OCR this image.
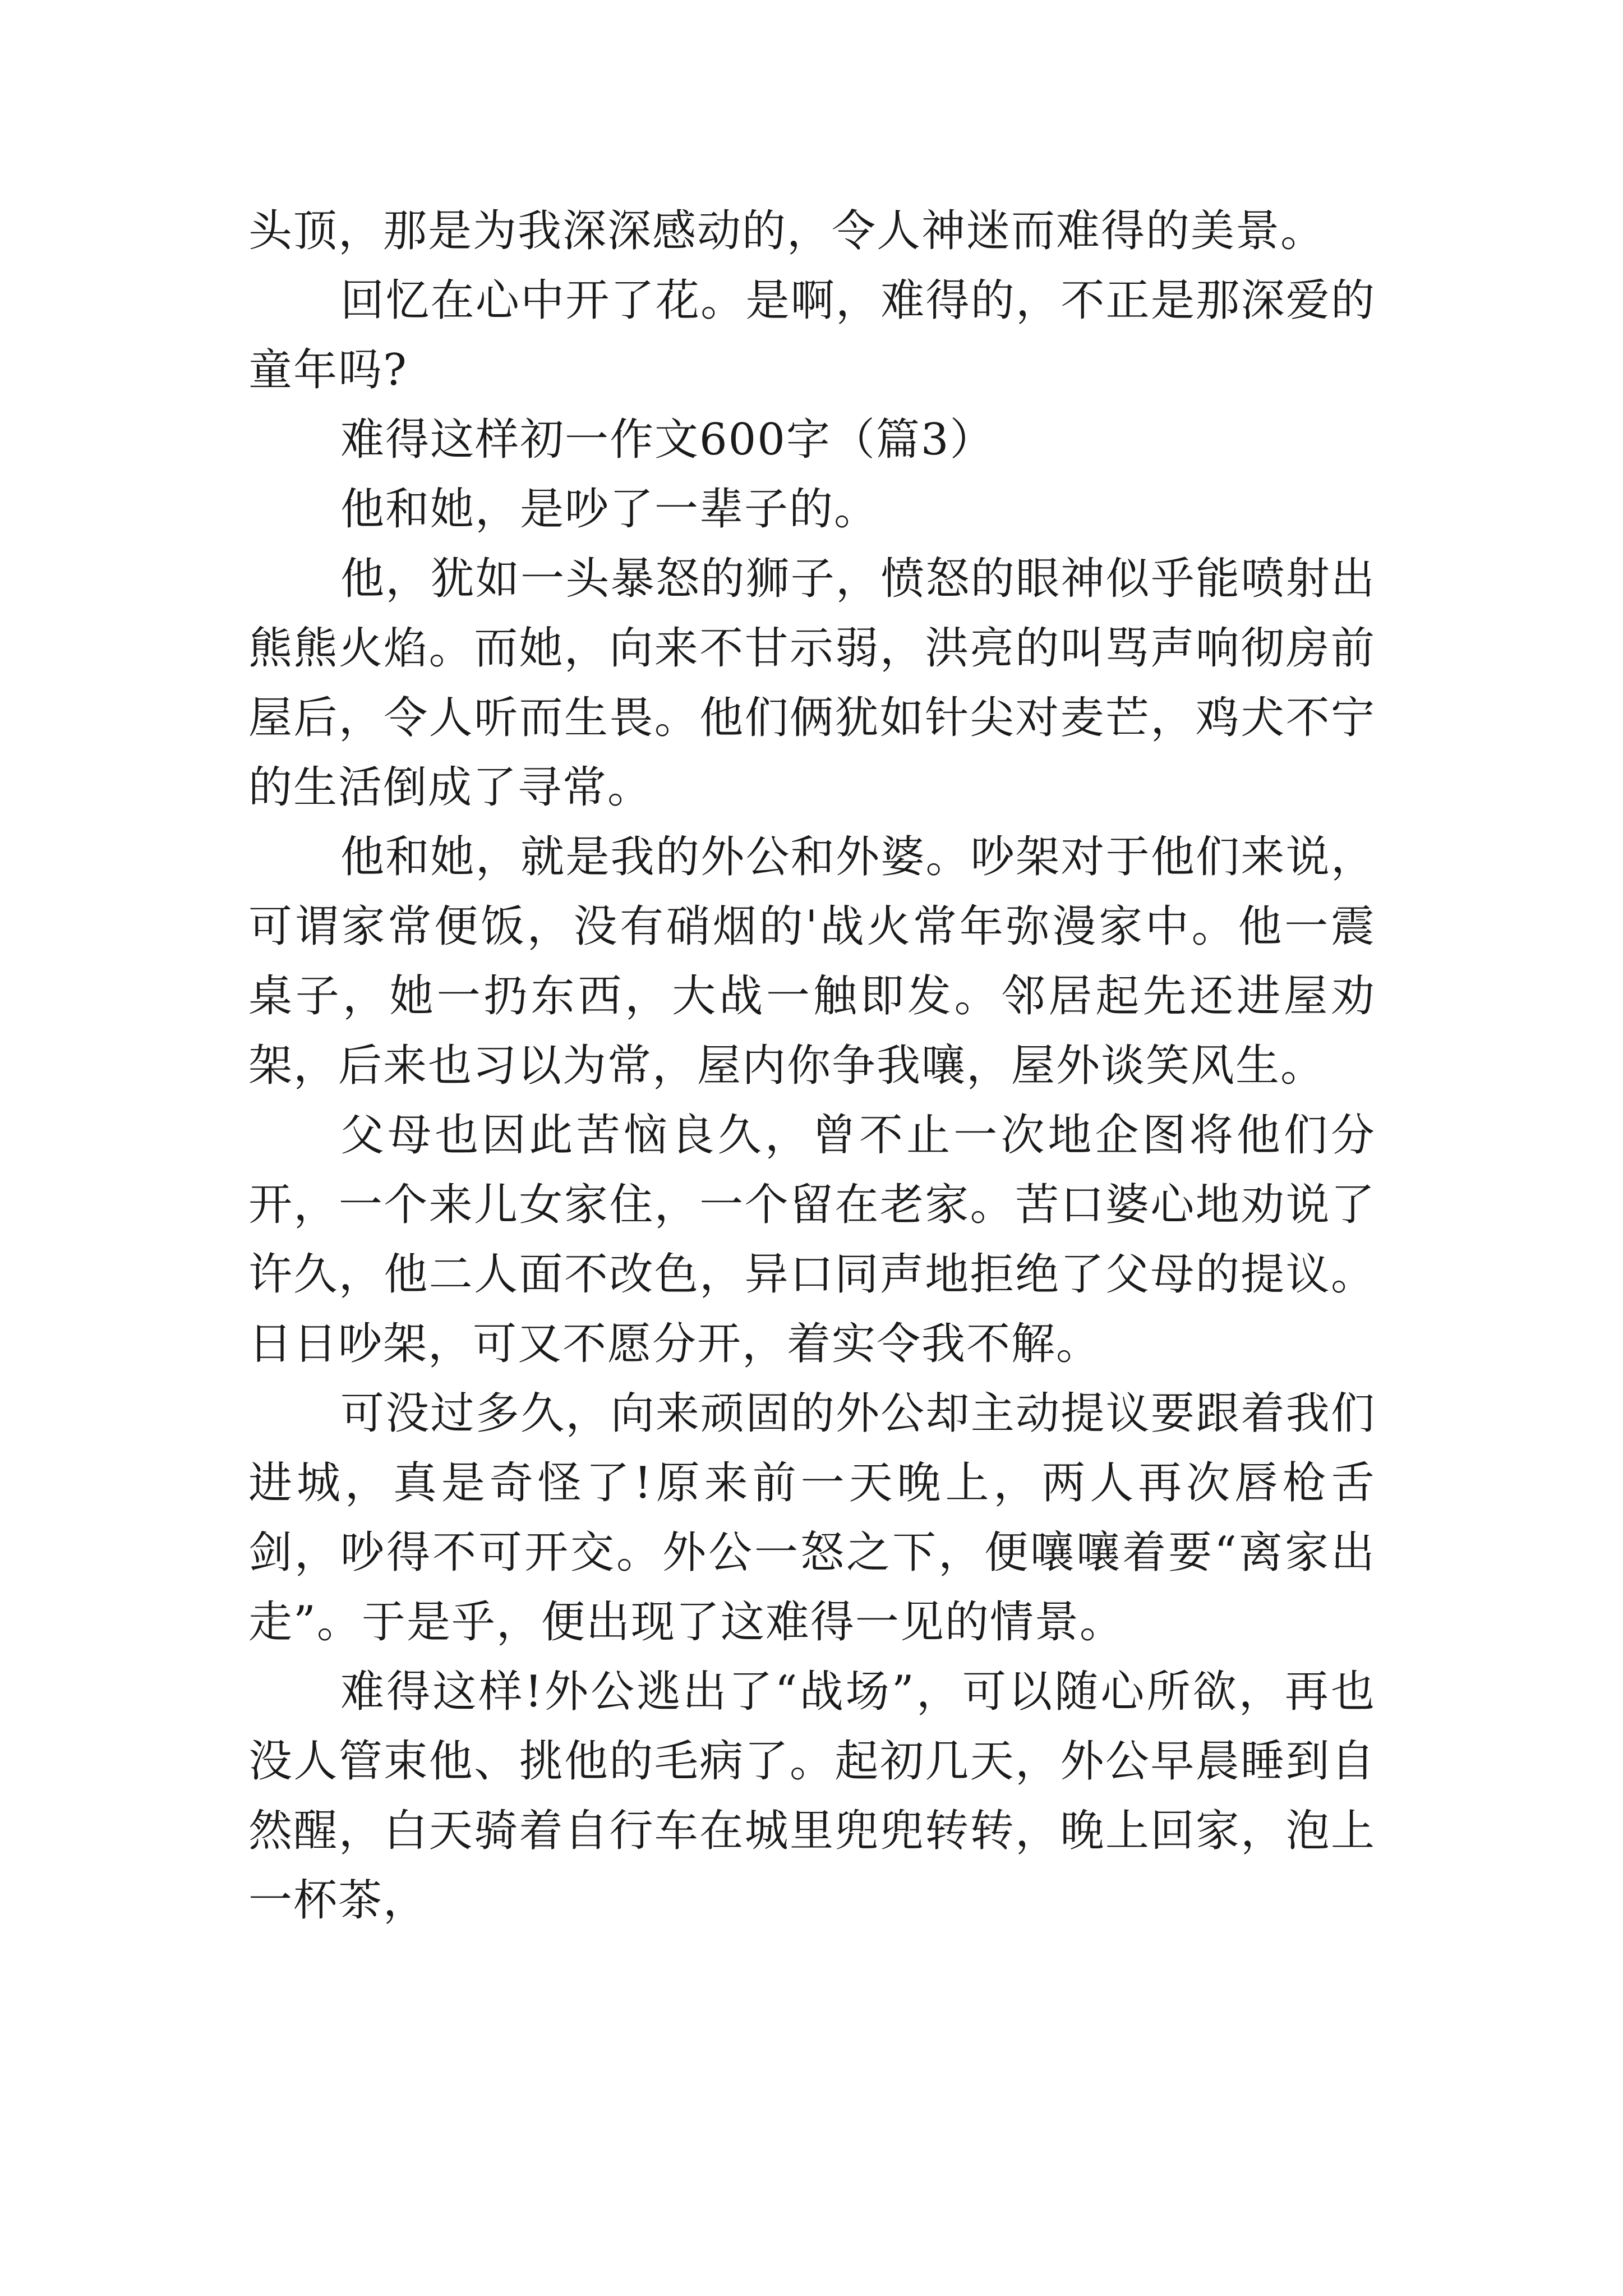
头顶，那是为我深深感动的，令人神迷而难得的美景。

回忆在心中开了花。是啊，难得的，不正是那深爱的童年吗?

难得这样初一作文600字（篇3）

他和她，是吵了一辈子的。

他，犹如一头暴怒的狮子，愤怒的眼神似乎能喷射出熊熊火焰。而她，向来不甘示弱，洪亮的叫骂声响彻房前屋后，令人听而生畏。他们俩犹如针尖对麦芒，鸡犬不宁的生活倒成了寻常。

他和她，就是我的外公和外婆。吵架对于他们来说，可谓家常便饭，没有硝烟的'战火常年弥漫家中。他一震桌子，她一扔东西，大战一触即发。邻居起先还进屋劝架，后来也习以为常，屋内你争我嚷，屋外谈笑风生。

父母也因此苦恼良久，曾不止一次地企图将他们分开，一个来儿女家住，一个留在老家。苦口婆心地劝说了许久，他二人面不改色，异口同声地拒绝了父母的提议。日日吵架，可又不愿分开，着实令我不解。

可没过多久，向来顽固的外公却主动提议要跟着我们进城，真是奇怪了!原来前一天晚上，两人再次唇枪舌剑，吵得不可开交。外公一怒之下，便嚷嚷着要“离家出走”。于是乎，便出现了这难得一见的情景。

难得这样!外公逃出了“战场”，可以随心所欲，再也没人管束他、挑他的毛病了。起初几天，外公早晨睡到自然醒，白天骑着自行车在城里兜兜转转，晚上回家，泡上一杯茶，
